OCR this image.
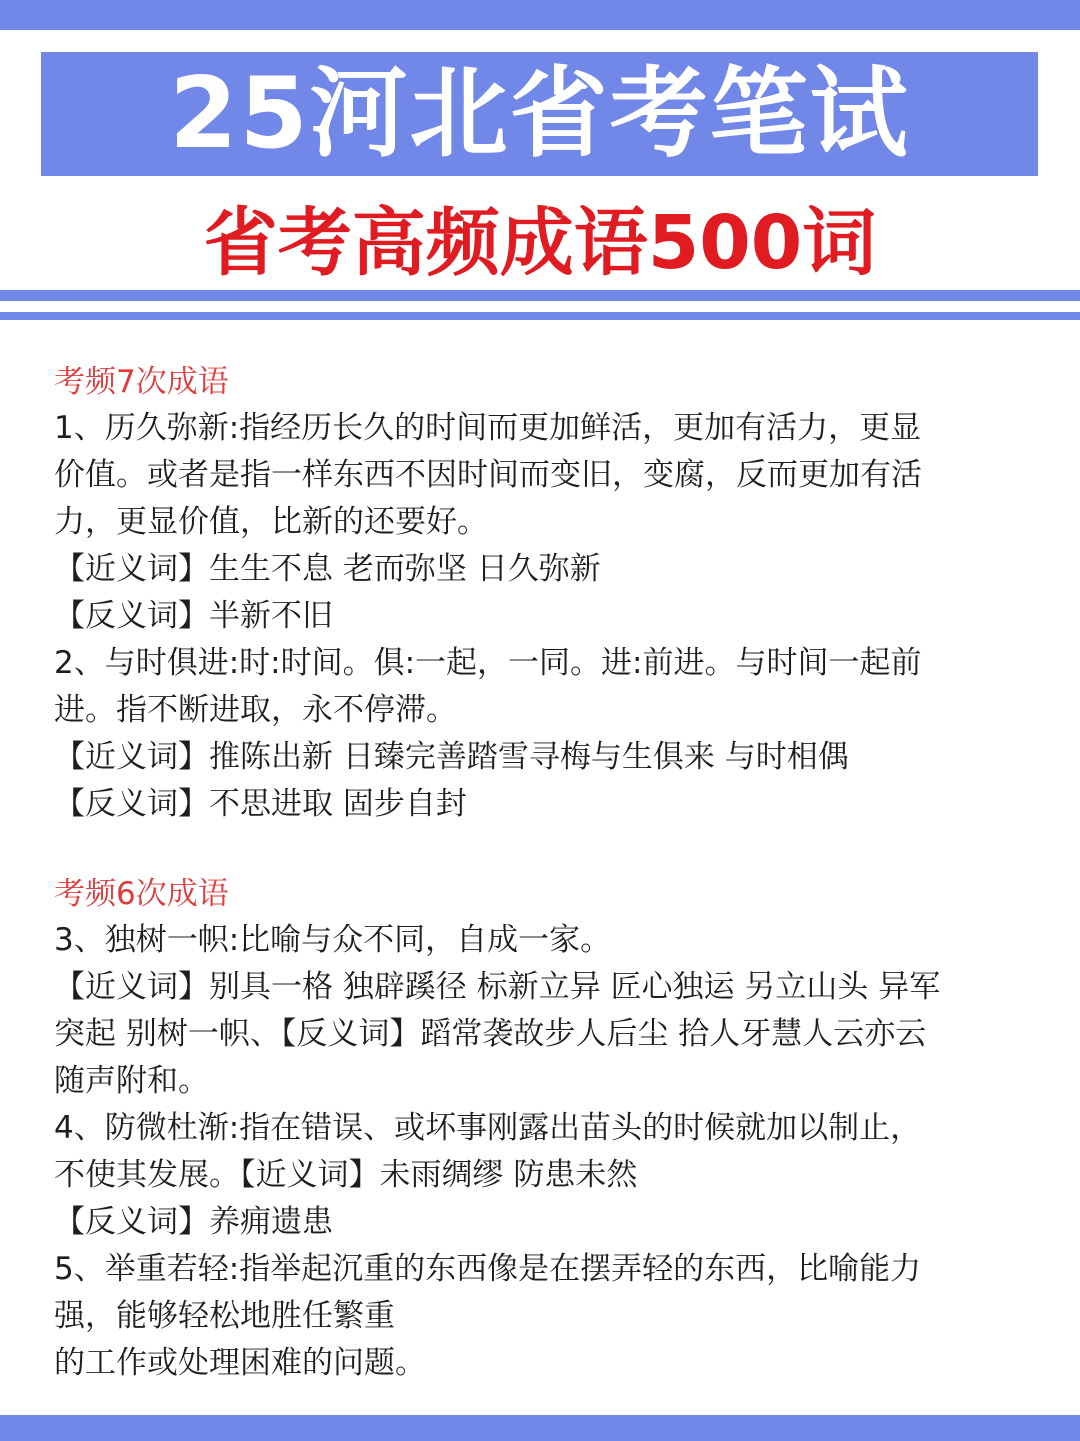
25河北省考笔试
省考高频成语500词
考频7次成语
1、历久弥新:指经历长久的时间而更加鲜活，更加有活力，更显
价值。或者是指一样东西不因时间而变旧，变腐，反而更加有活
力，更显价值，比新的还要好。
【近义词】生生不息 老而弥坚 日久弥新
【反义词】半新不旧
2、与时俱进:时:时间。俱:一起，一同。进:前进。与时间一起前
进。指不断进取，永不停滞。
【近义词】推陈出新 日臻完善踏雪寻梅与生俱来 与时相偶
【反义词】不思进取 固步自封
考频6次成语
3、独树一帜:比喻与众不同，自成一家。
【近义词】别具一格 独辟蹊径 标新立异 匠心独运 另立山头 异军
突起 别树一帜、【反义词】蹈常袭故步人后尘 拾人牙慧人云亦云
随声附和。
4、防微杜渐:指在错误、或坏事刚露出苗头的时候就加以制止，
不使其发展。【近义词】未雨绸缪 防患未然
【反义词】养痈遗患
5、举重若轻:指举起沉重的东西像是在摆弄轻的东西，比喻能力
强，能够轻松地胜任繁重
的工作或处理困难的问题。
